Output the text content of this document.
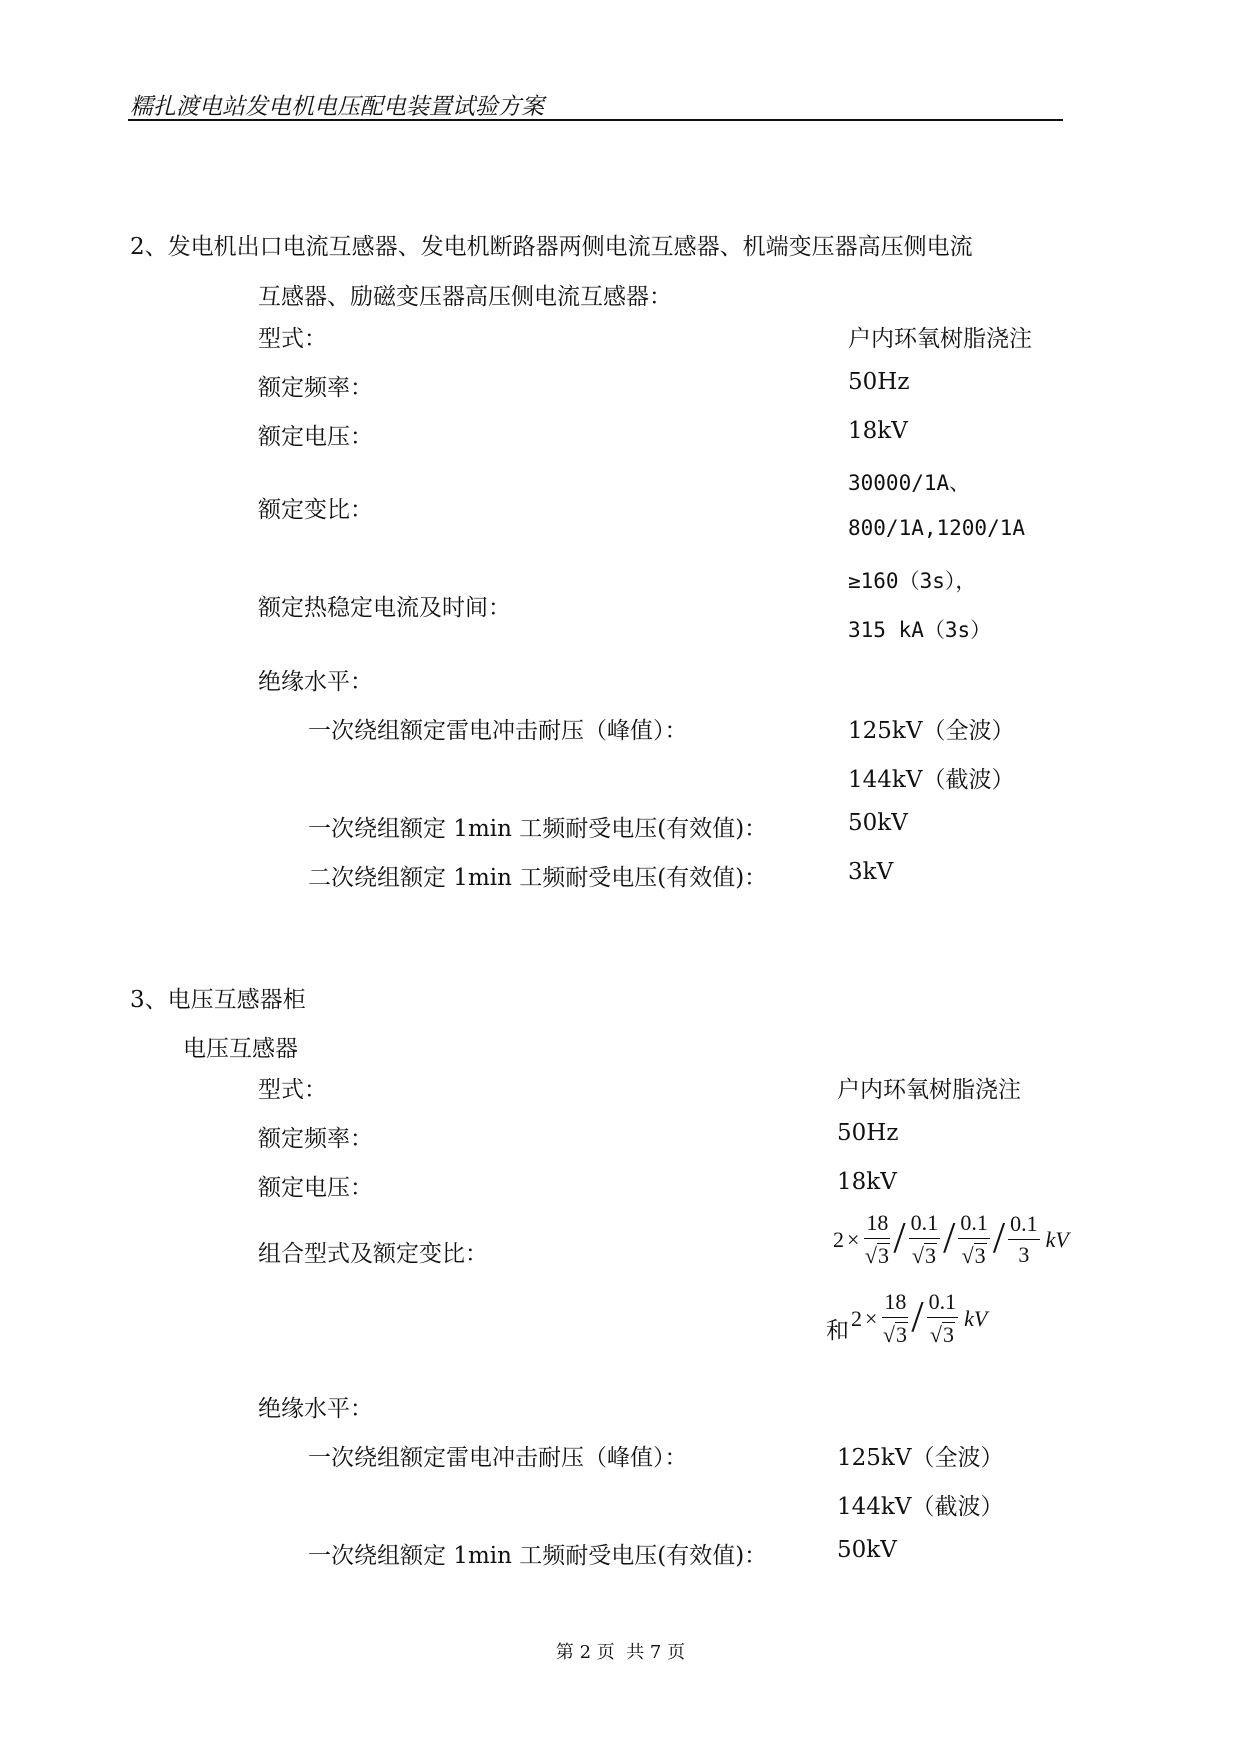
糯扎渡电站发电机电压配电装置试验方案
2、发电机出口电流互感器、发电机断路器两侧电流互感器、机端变压器高压侧电流
互感器、励磁变压器高压侧电流互感器：
型式：	户内环氧树脂浇注
额定频率：	50Hz
额定电压：	18kV
额定变比：
30000/1A、
800/1A,1200/1A
额定热稳定电流及时间：
≥160（3s），
315 kA（3s）
绝缘水平：
一次绕组额定雷电冲击耐压（峰值）：	125kV（全波）
144kV（截波）
一次绕组额定 1min 工频耐受电压(有效值)：	50kV
二次绕组额定 1min 工频耐受电压(有效值)：	3kV
3、电压互感器柜
电压互感器
型式：	户内环氧树脂浇注
额定频率：	50Hz
额定电压：	18kV
组合型式及额定变比：
$2 \times \frac{18}{√ 3} / \frac{0.1}{√ 3} / \frac{0.1}{√ 3} / \frac{0.1}{3}$ kV
和 $2 \times \frac{18}{√ 3} / \frac{0.1}{√ 3}$ kV
绝缘水平：
一次绕组额定雷电冲击耐压（峰值）：	125kV（全波）
144kV（截波）
一次绕组额定 1min 工频耐受电压(有效值)：	50kV
第 2 页  共 7 页
